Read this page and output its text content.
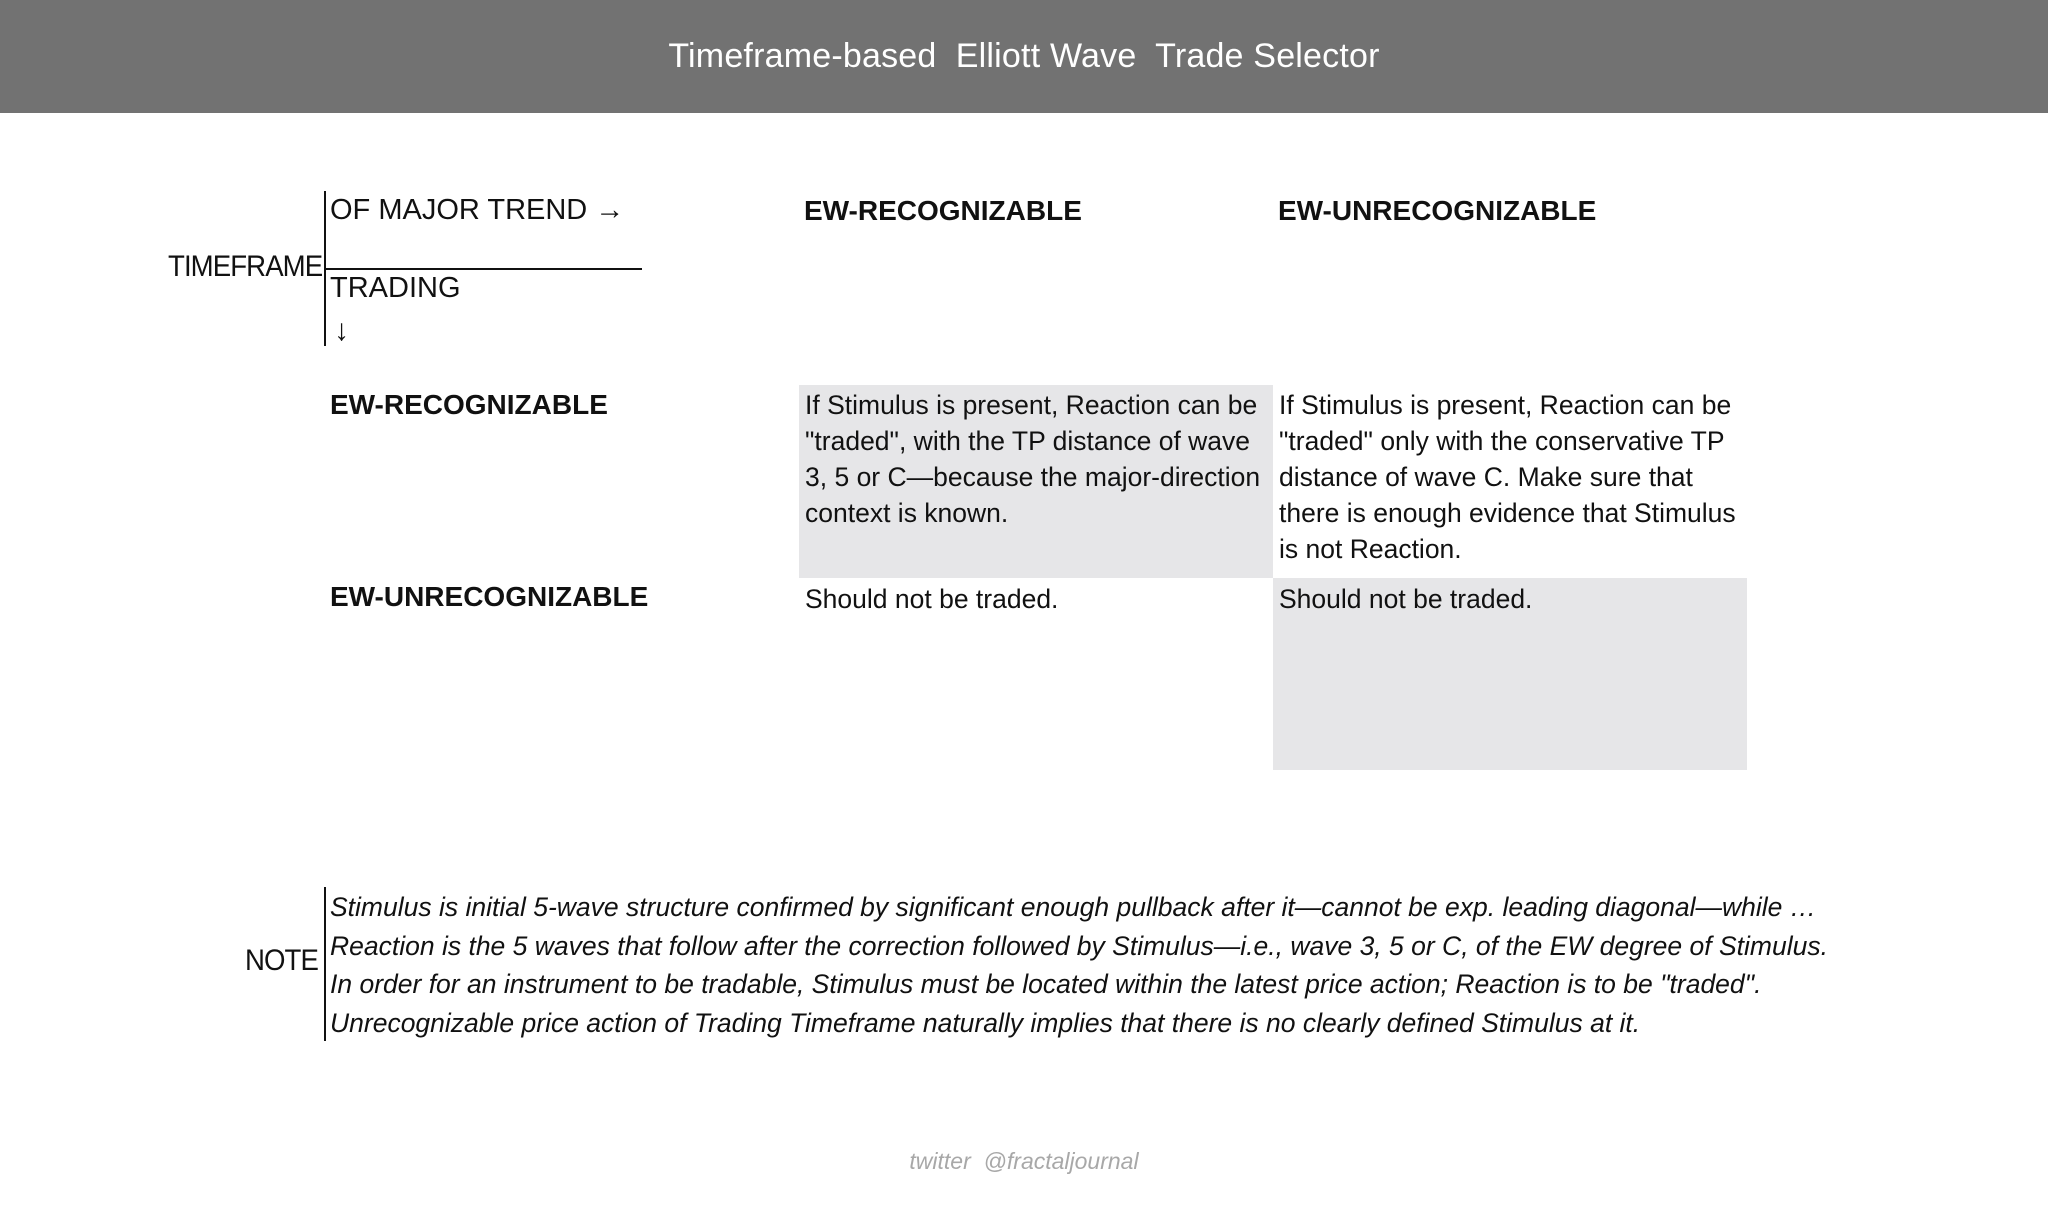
Timeframe-based  Elliott Wave  Trade Selector
TIMEFRAME
OF MAJOR TREND →
TRADING
↓
EW-RECOGNIZABLE	EW-UNRECOGNIZABLE
EW-RECOGNIZABLE
EW-UNRECOGNIZABLE
If Stimulus is present, Reaction can be "traded", with the TP distance of wave 3, 5 or C—because the major-direction context is known.
If Stimulus is present, Reaction can be "traded" only with the conservative TP distance of wave C. Make sure that there is enough evidence that Stimulus is not Reaction.
Should not be traded.	Should not be traded.
NOTE
Stimulus is initial 5-wave structure confirmed by significant enough pullback after it—cannot be exp. leading diagonal—while …
Reaction is the 5 waves that follow after the correction followed by Stimulus—i.e., wave 3, 5 or C, of the EW degree of Stimulus.
In order for an instrument to be tradable, Stimulus must be located within the latest price action; Reaction is to be "traded".
Unrecognizable price action of Trading Timeframe naturally implies that there is no clearly defined Stimulus at it.
twitter  @fractaljournal
